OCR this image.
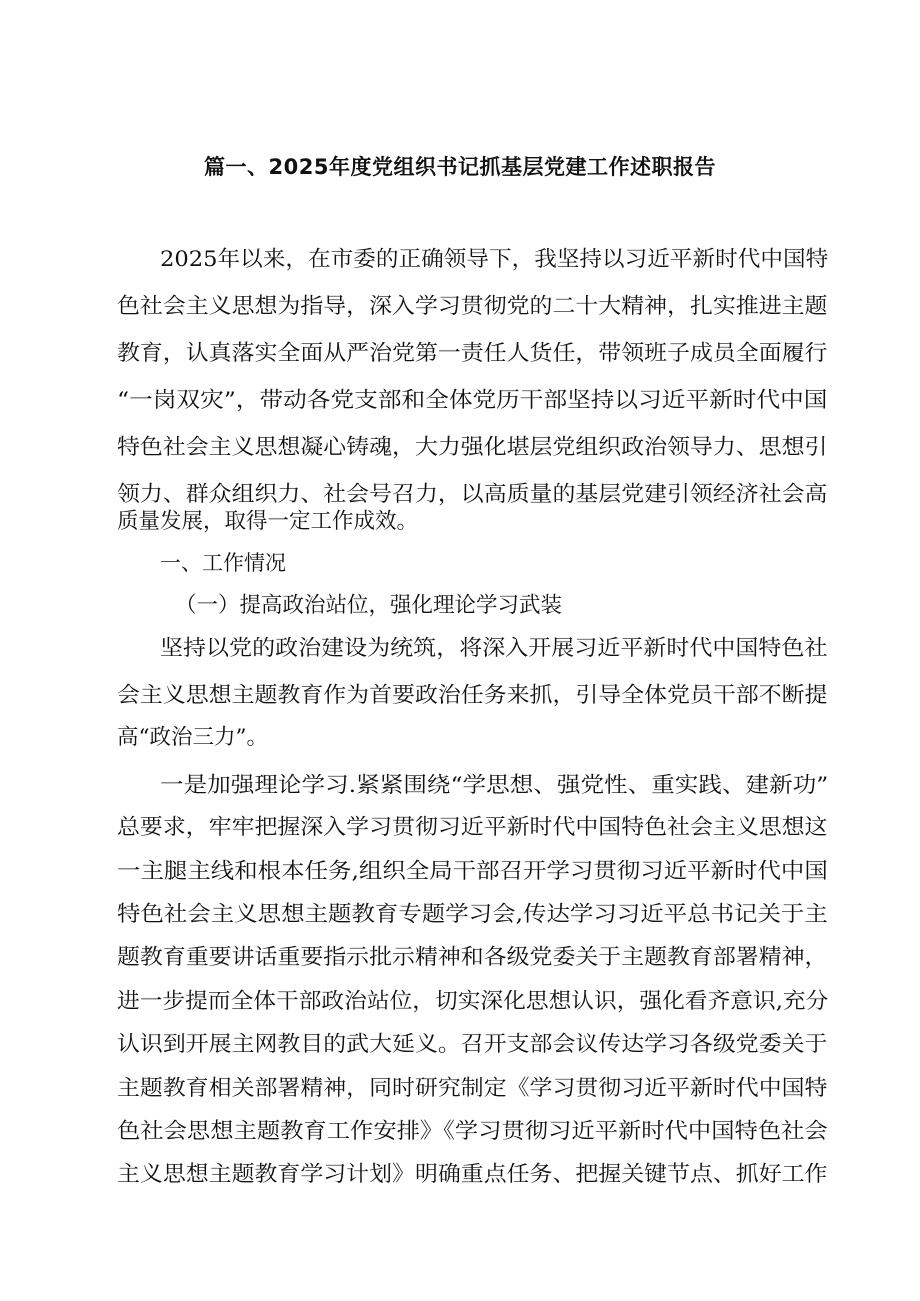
篇一、2025年度党组织书记抓基层党建工作述职报告
2025年以来，在市委的正确领导下，我坚持以习近平新时代中国特
色社会主义思想为指导，深入学习贯彻党的二十大精神，扎实推进主题
教育，认真落实全面从严治党第一责任人货任，带领班子成员全面履行
“一岗双灾”，带动各党支部和全体党历干部坚持以习近平新时代中国
特色社会主义思想凝心铸魂，大力强化堪层党组织政治领导力、思想引
领力、群众组织力、社会号召力，以高质量的基层党建引领经济社会高
质量发展，取得一定工作成效。
一、工作情况
（一）提高政治站位，强化理论学习武装
坚持以党的政治建设为统筑，将深入开展习近平新时代中国特色社
会主义思想主题教育作为首要政治任务来抓，引导全体党员干部不断提
高“政治三力”。
一是加强理论学习.紧紧围绕“学思想、强党性、重实践、建新功”
总要求，牢牢把握深入学习贯彻习近平新时代中国特色社会主义思想这
一主腿主线和根本任务,组织全局干部召开学习贯彻习近平新时代中国
特色社会主义思想主题教育专题学习会,传达学习习近平总书记关于主
题教育重要讲话重要指示批示精神和各级党委关于主题教育部署精神，
进一步提而全体干部政治站位，切实深化思想认识，强化看齐意识,充分
认识到开展主网教目的武大延义。召开支部会议传达学习各级党委关于
主题教育相关部署精神，同时研究制定《学习贯彻习近平新时代中国特
色社会思想主题教育工作安排》《学习贯彻习近平新时代中国特色社会
主义思想主题教育学习计划》明确重点任务、把握关键节点、抓好工作
